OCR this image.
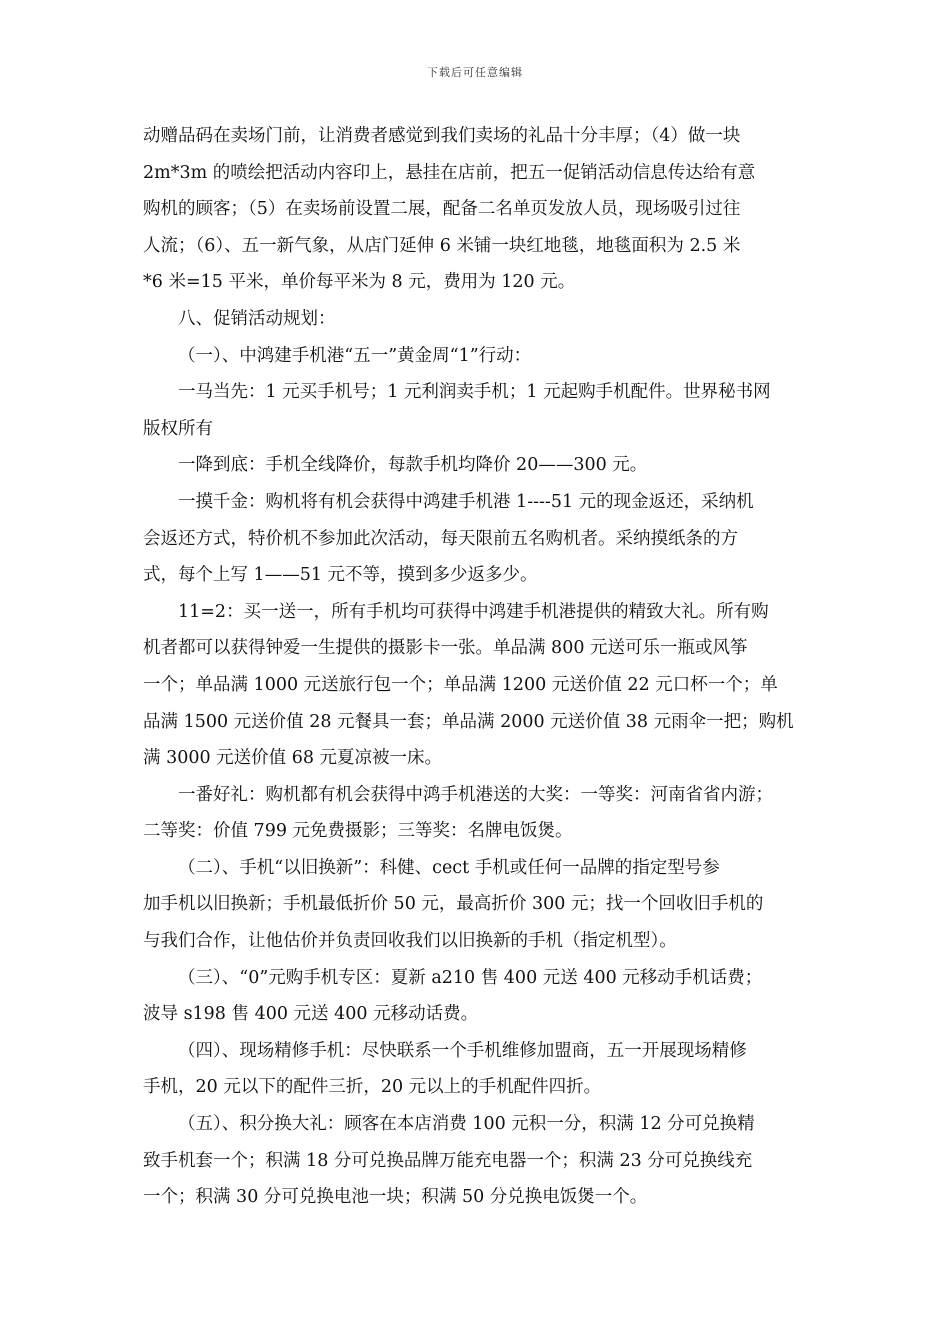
下载后可任意编辑
动赠品码在卖场门前，让消费者感觉到我们卖场的礼品十分丰厚；（4）做一块
2m*3m 的喷绘把活动内容印上，悬挂在店前，把五一促销活动信息传达给有意
购机的顾客；（5）在卖场前设置二展，配备二名单页发放人员，现场吸引过往
人流；（6）、五一新气象，从店门延伸 6 米铺一块红地毯，地毯面积为 2.5 米
*6 米=15 平米，单价每平米为 8 元，费用为 120 元。
八、促销活动规划：
（一）、中鸿建手机港“五一”黄金周“1”行动：
一马当先：1 元买手机号；1 元利润卖手机；1 元起购手机配件。世界秘书网
版权所有
一降到底：手机全线降价，每款手机均降价 20——300 元。
一摸千金：购机将有机会获得中鸿建手机港 1----51 元的现金返还，采纳机
会返还方式，特价机不参加此次活动，每天限前五名购机者。采纳摸纸条的方
式，每个上写 1——51 元不等，摸到多少返多少。
11=2：买一送一，所有手机均可获得中鸿建手机港提供的精致大礼。所有购
机者都可以获得钟爱一生提供的摄影卡一张。单品满 800 元送可乐一瓶或风筝
一个；单品满 1000 元送旅行包一个；单品满 1200 元送价值 22 元口杯一个；单
品满 1500 元送价值 28 元餐具一套；单品满 2000 元送价值 38 元雨伞一把；购机
满 3000 元送价值 68 元夏凉被一床。
一番好礼：购机都有机会获得中鸿手机港送的大奖：一等奖：河南省省内游；
二等奖：价值 799 元免费摄影；三等奖：名牌电饭煲。
（二）、手机“以旧换新”：科健、cect 手机或任何一品牌的指定型号参
加手机以旧换新；手机最低折价 50 元，最高折价 300 元；找一个回收旧手机的
与我们合作，让他估价并负责回收我们以旧换新的手机（指定机型）。
（三）、“0”元购手机专区：夏新 a210 售 400 元送 400 元移动手机话费；
波导 s198 售 400 元送 400 元移动话费。
（四）、现场精修手机：尽快联系一个手机维修加盟商，五一开展现场精修
手机，20 元以下的配件三折，20 元以上的手机配件四折。
（五）、积分换大礼：顾客在本店消费 100 元积一分，积满 12 分可兑换精
致手机套一个；积满 18 分可兑换品牌万能充电器一个；积满 23 分可兑换线充
一个；积满 30 分可兑换电池一块；积满 50 分兑换电饭煲一个。
